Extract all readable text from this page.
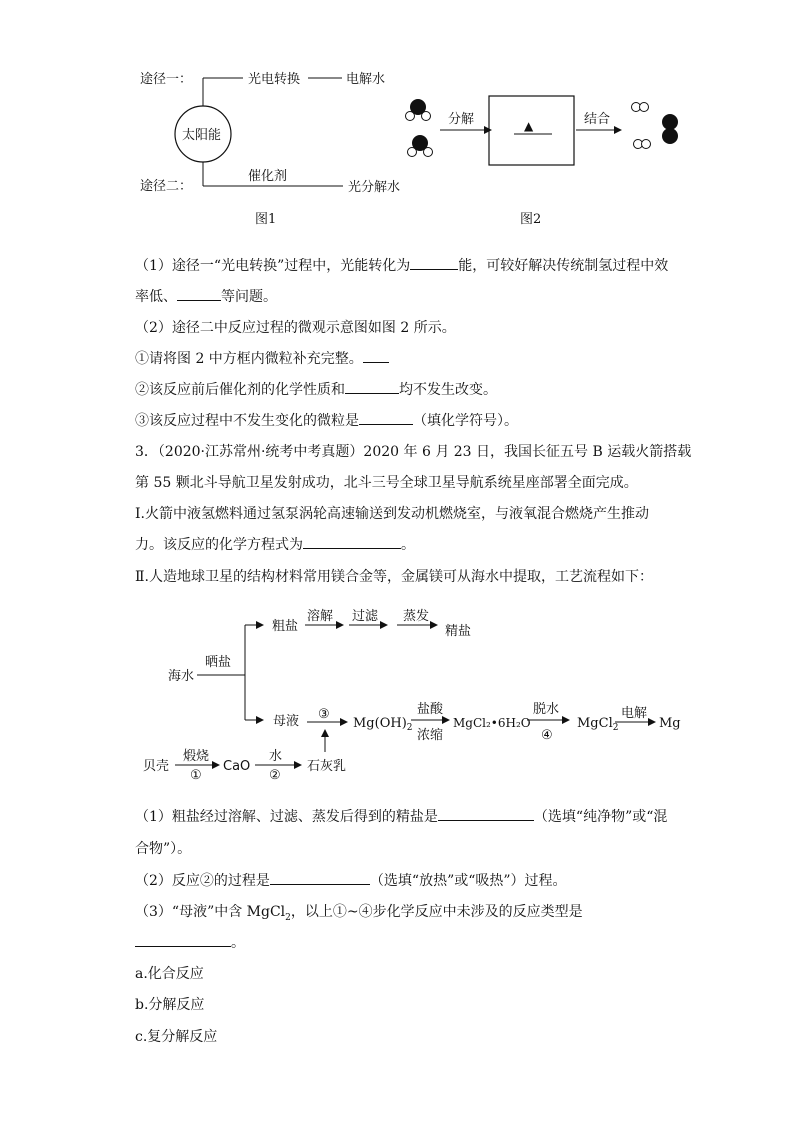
途径一：
途径二：
太阳能
光电转换	电解水
催化剂
光分解水
图1
分解	▲	结合
图2
（1）途径一“光电转换”过程中，光能转化为	能，可较好解决传统制氢过程中效
率低、	等问题。
（2）途径二中反应过程的微观示意图如图 2 所示。
①请将图 2 中方框内微粒补充完整。
②该反应前后催化剂的化学性质和	均不发生改变。
③该反应过程中不发生变化的微粒是	（填化学符号）。
3．（2020·江苏常州·统考中考真题）2020 年 6 月 23 日，我国长征五号 B 运载火箭搭载
第 55 颗北斗导航卫星发射成功，北斗三号全球卫星导航系统星座部署全面完成。
Ⅰ.火箭中液氢燃料通过氢泵涡轮高速输送到发动机燃烧室，与液氧混合燃烧产生推动
力。该反应的化学方程式为	。
Ⅱ.人造地球卫星的结构材料常用镁合金等，金属镁可从海水中提取，工艺流程如下：
海水
晒盐
粗盐
溶解 过滤 蒸发
精盐
母液 ③
$Mg(OH)_2$
盐酸
浓缩
MgCl₂•6H₂O
脱水
④
MgCl$_2$
电解
Mg
贝壳
煅烧
①
CaO
水
②
石灰乳
（1）粗盐经过溶解、过滤、蒸发后得到的精盐是	（选填“纯净物”或“混
合物”）。
（2）反应②的过程是	（选填“放热”或“吸热”）过程。
（3）“母液”中含 MgCl$_2$，以上①~④步化学反应中未涉及的反应类型是
。
a.化合反应
b.分解反应
c.复分解反应
